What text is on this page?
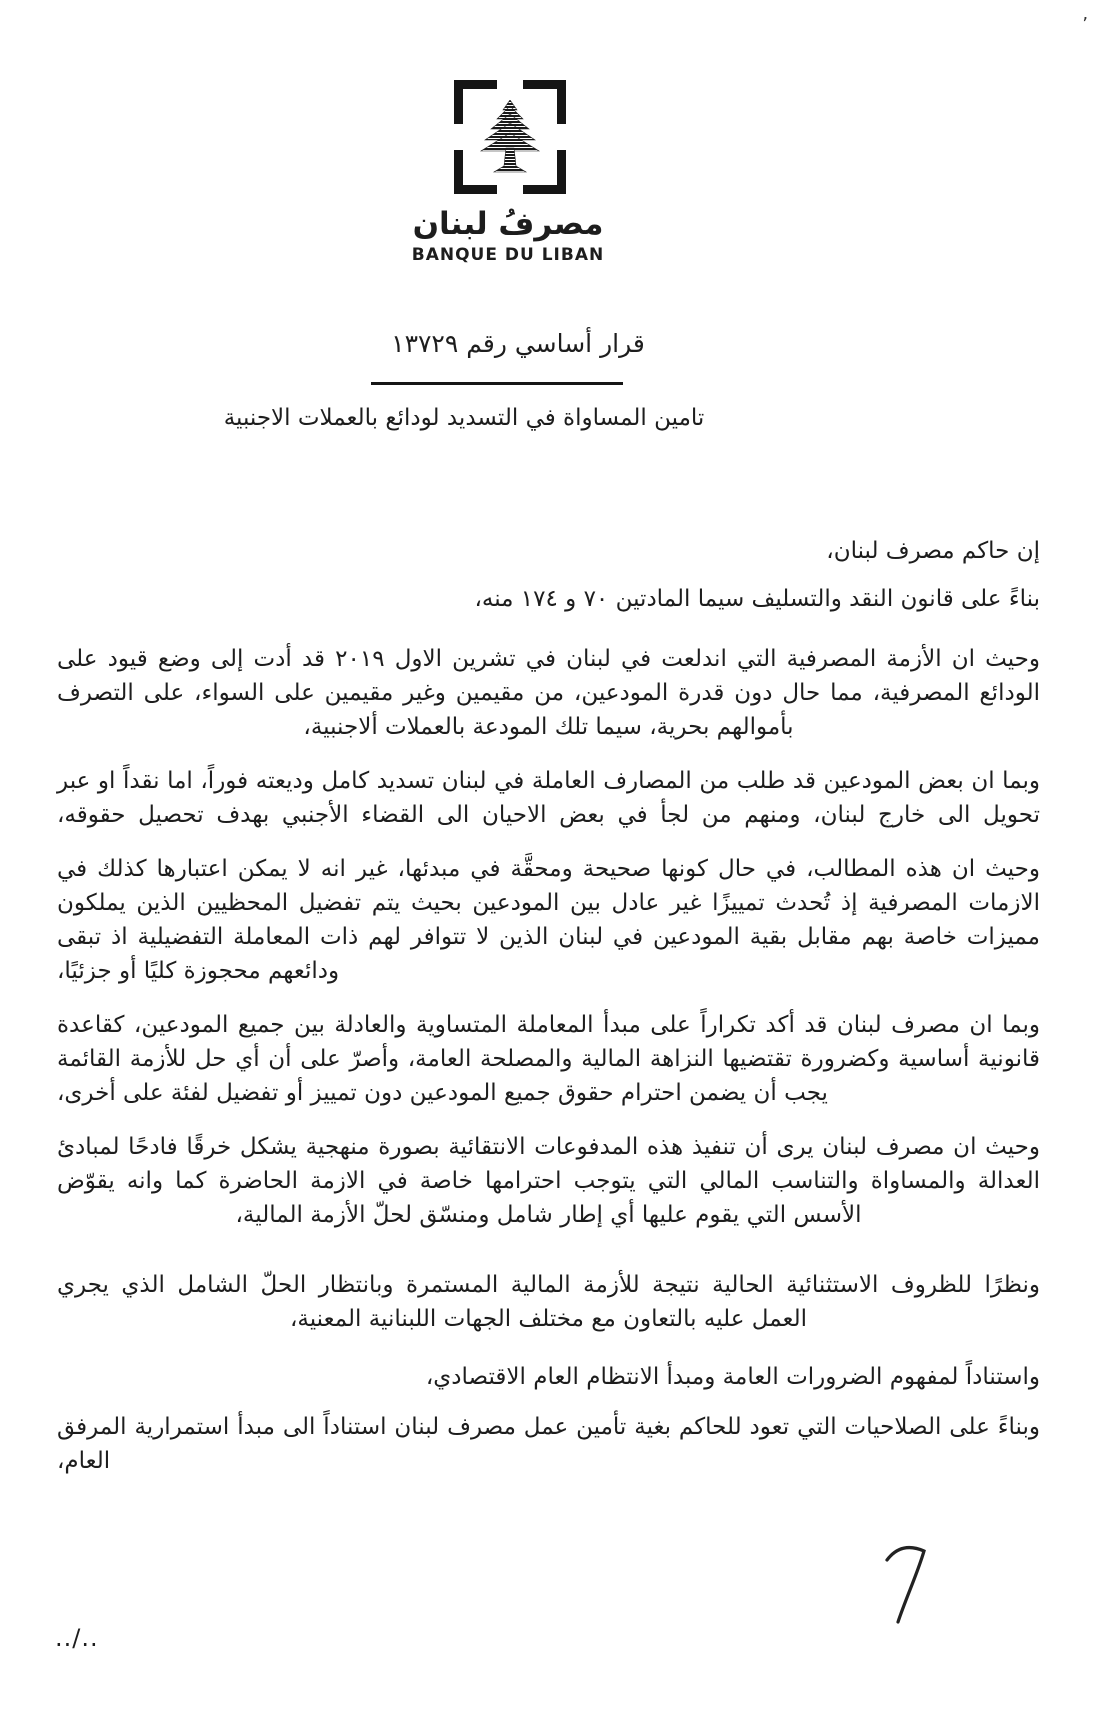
’
مصرفُ لبنان
BANQUE DU LIBAN
قرار أساسي رقم ١٣٧٢٩
تامين المساواة في التسديد لودائع بالعملات الاجنبية

إن حاكم مصرف لبنان،

بناءً على قانون النقد والتسليف سيما المادتين ٧٠ و ١٧٤ منه،

وحيث ان الأزمة المصرفية التي اندلعت في لبنان في تشرين الاول ٢٠١٩ قد أدت إلى وضع قيود على الودائع المصرفية، مما حال دون قدرة المودعين، من مقيمين وغير مقيمين على السواء، على التصرف بأموالهم بحرية، سيما تلك المودعة بالعملات ألاجنبية،

وبما ان بعض المودعين قد طلب من المصارف العاملة في لبنان تسديد كامل وديعته فوراً، اما نقداً او عبر تحويل الى خارج لبنان، ومنهم من لجأ في بعض الاحيان الى القضاء الأجنبي بهدف تحصيل حقوقه،

وحيث ان هذه المطالب، في حال كونها صحيحة ومحقَّة في مبدئها، غير انه لا يمكن اعتبارها كذلك في الازمات المصرفية إذ تُحدث تمييزًا غير عادل بين المودعين بحيث يتم تفضيل المحظيين الذين يملكون مميزات خاصة بهم مقابل بقية المودعين في لبنان الذين لا تتوافر لهم ذات المعاملة التفضيلية اذ تبقى ودائعهم محجوزة كليًا أو جزئيًا،

وبما ان مصرف لبنان قد أكد تكراراً على مبدأ المعاملة المتساوية والعادلة بين جميع المودعين، كقاعدة قانونية أساسية وكضرورة تقتضيها النزاهة المالية والمصلحة العامة، وأصرّ على أن أي حل للأزمة القائمة يجب أن يضمن احترام حقوق جميع المودعين دون تمييز أو تفضيل لفئة على أخرى،

وحيث ان مصرف لبنان يرى أن تنفيذ هذه المدفوعات الانتقائية بصورة منهجية يشكل خرقًا فادحًا لمبادئ العدالة والمساواة والتناسب المالي التي يتوجب احترامها خاصة في الازمة الحاضرة كما وانه يقوّض الأسس التي يقوم عليها أي إطار شامل ومنسّق لحلّ الأزمة المالية،

ونظرًا للظروف الاستثنائية الحالية نتيجة للأزمة المالية المستمرة وبانتظار الحلّ الشامل الذي يجري العمل عليه بالتعاون مع مختلف الجهات اللبنانية المعنية،

واستناداً لمفهوم الضرورات العامة ومبدأ الانتظام العام الاقتصادي،

وبناءً على الصلاحيات التي تعود للحاكم بغية تأمين عمل مصرف لبنان استناداً الى مبدأ استمرارية المرفق العام،

../..
